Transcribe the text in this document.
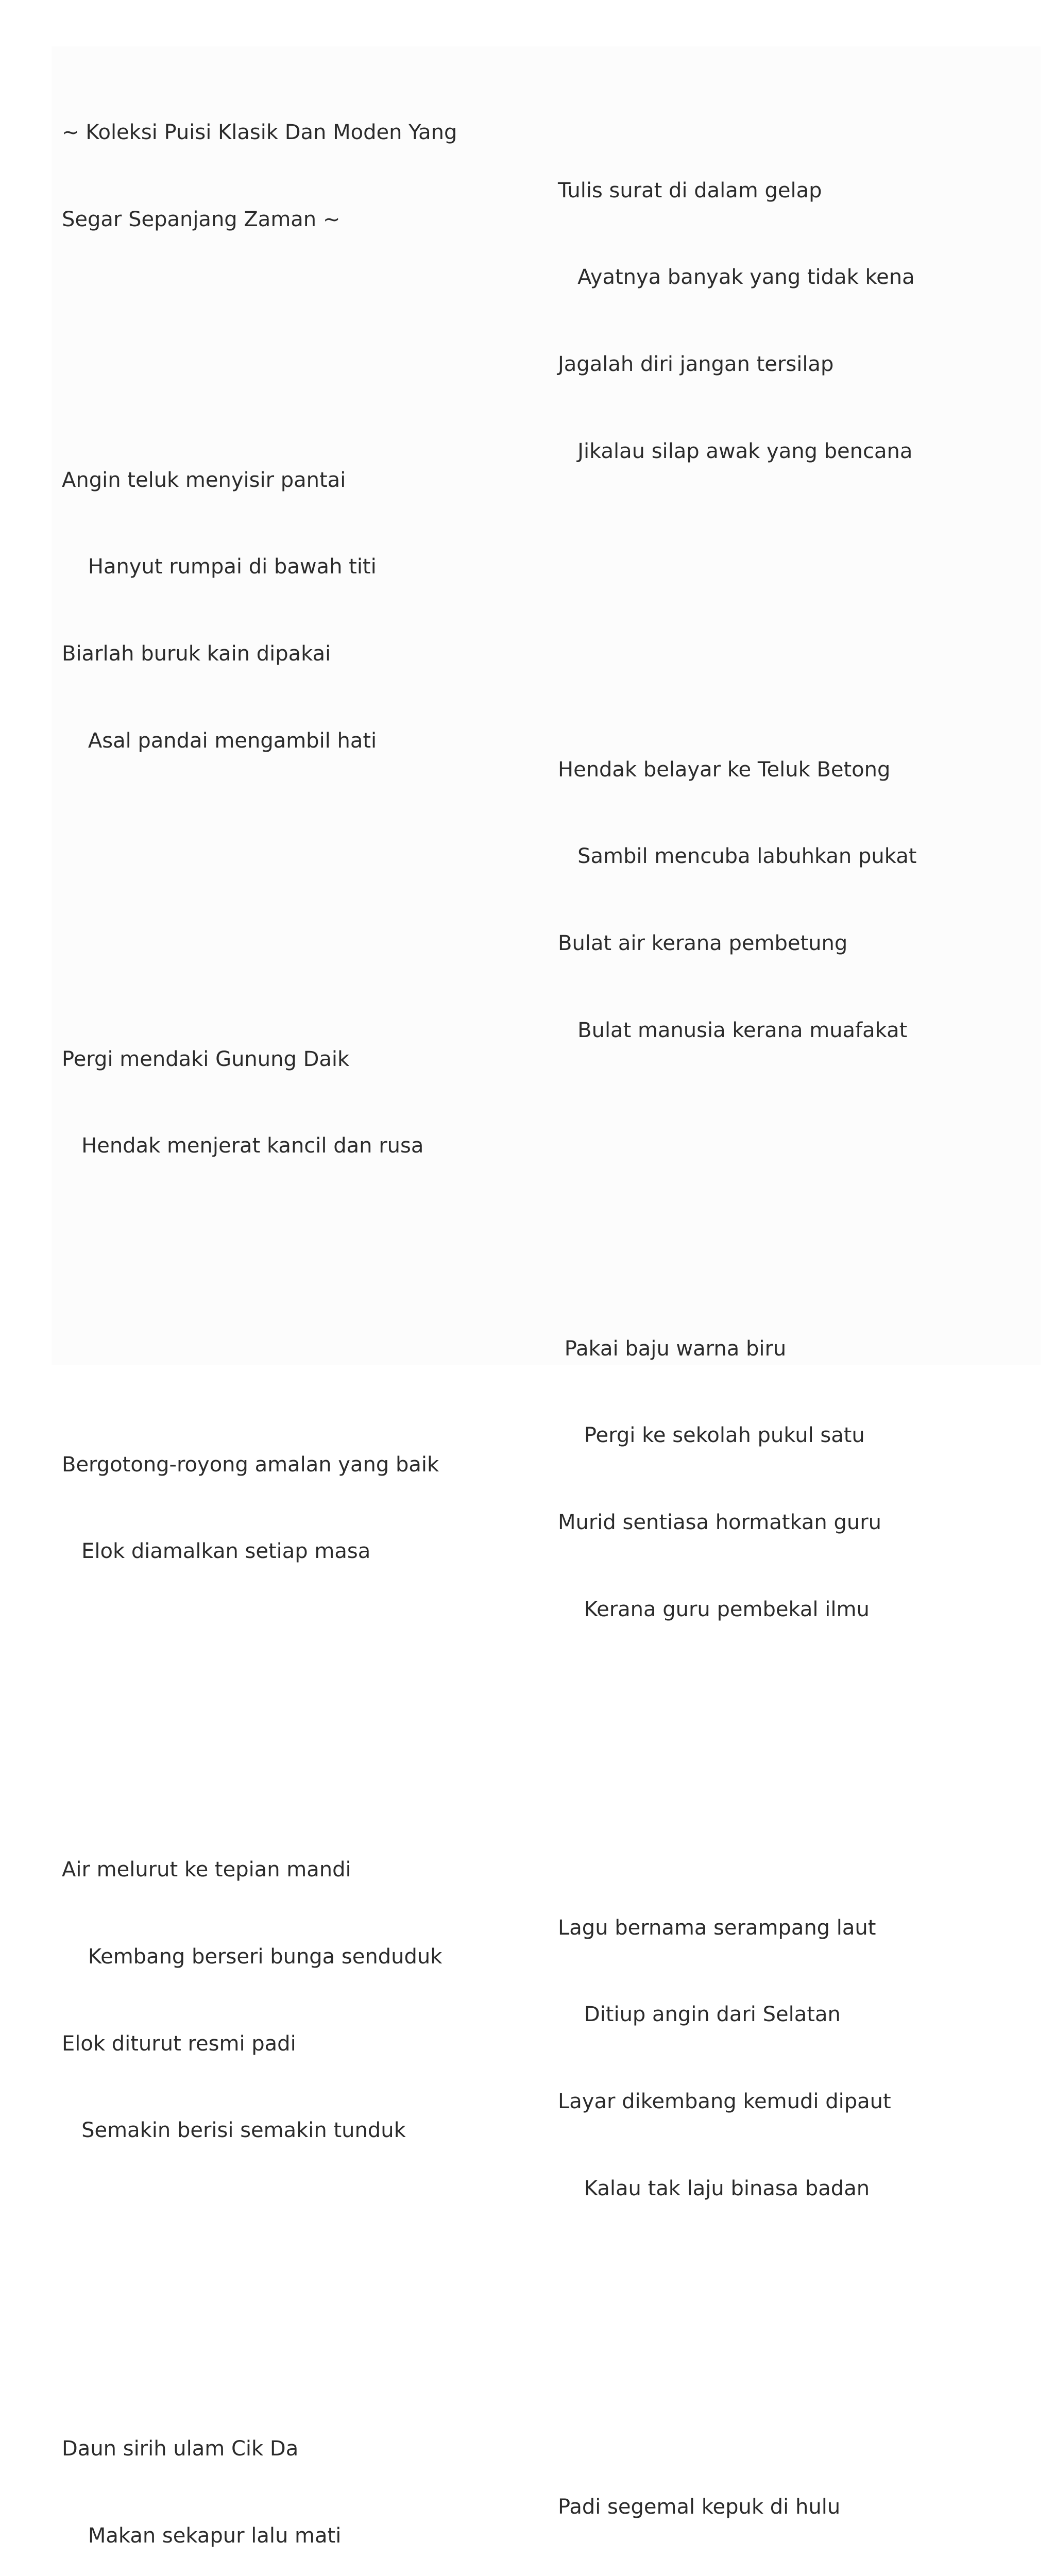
~ Koleksi Puisi Klasik Dan Moden Yang

Segar Sepanjang Zaman ~

Angin teluk menyisir pantai

Hanyut rumpai di bawah titi

Biarlah buruk kain dipakai

Asal pandai mengambil hati

Pergi mendaki Gunung Daik

Hendak menjerat kancil dan rusa

Bergotong-royong amalan yang baik

Elok diamalkan setiap masa

Air melurut ke tepian mandi

Kembang berseri bunga senduduk

Elok diturut resmi padi

Semakin berisi semakin tunduk

Daun sirih ulam Cik Da

Makan sekapur lalu mati

Tulis surat di dalam gelap

Ayatnya banyak yang tidak kena

Jagalah diri jangan tersilap

Jikalau silap awak yang bencana

Hendak belayar ke Teluk Betong

Sambil mencuba labuhkan pukat

Bulat air kerana pembetung

Bulat manusia kerana muafakat

Pakai baju warna biru

Pergi ke sekolah pukul satu

Murid sentiasa hormatkan guru

Kerana guru pembekal ilmu

Lagu bernama serampang laut

Ditiup angin dari Selatan

Layar dikembang kemudi dipaut

Kalau tak laju binasa badan

Padi segemal kepuk di hulu
